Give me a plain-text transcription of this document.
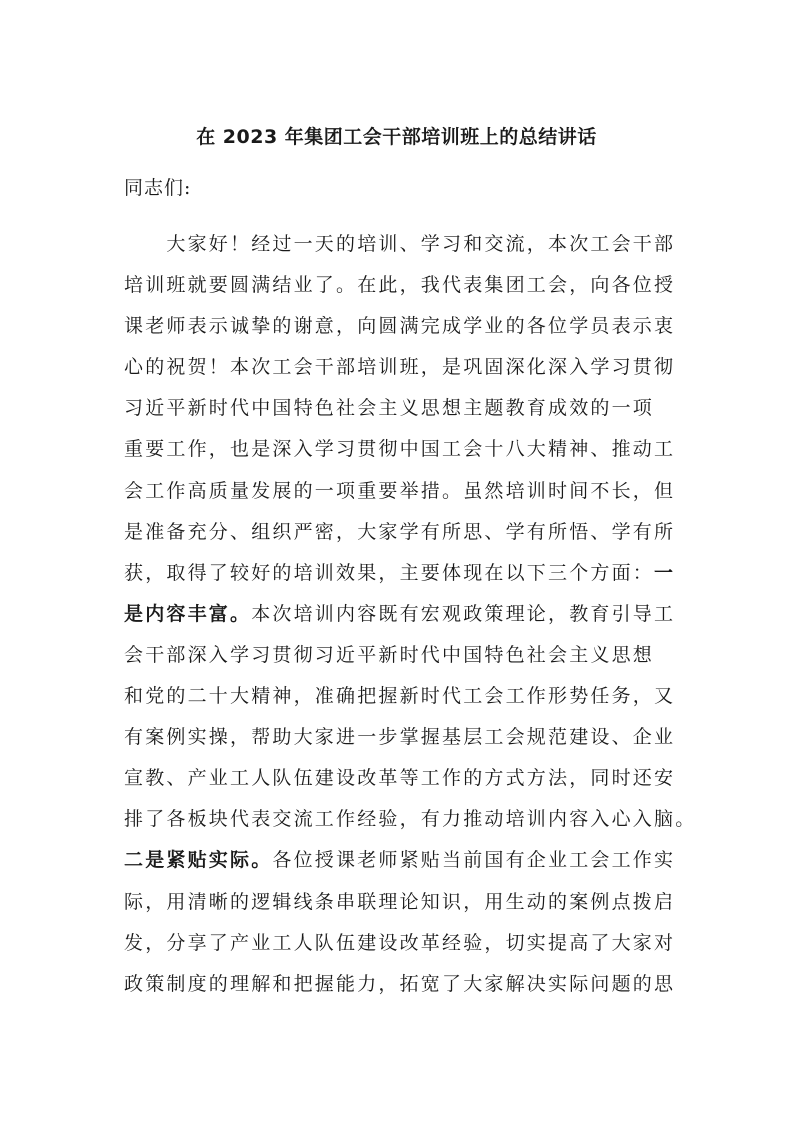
在 2023 年集团工会干部培训班上的总结讲话
同志们:
　　大家好！经过一天的培训、学习和交流，本次工会干部
培训班就要圆满结业了。在此，我代表集团工会，向各位授
课老师表示诚挚的谢意，向圆满完成学业的各位学员表示衷
心的祝贺！本次工会干部培训班，是巩固深化深入学习贯彻
习近平新时代中国特色社会主义思想主题教育成效的一项
重要工作，也是深入学习贯彻中国工会十八大精神、推动工
会工作高质量发展的一项重要举措。虽然培训时间不长，但
是准备充分、组织严密，大家学有所思、学有所悟、学有所
获，取得了较好的培训效果，主要体现在以下三个方面：一
是内容丰富。本次培训内容既有宏观政策理论，教育引导工
会干部深入学习贯彻习近平新时代中国特色社会主义思想
和党的二十大精神，准确把握新时代工会工作形势任务，又
有案例实操，帮助大家进一步掌握基层工会规范建设、企业
宣教、产业工人队伍建设改革等工作的方式方法，同时还安
排了各板块代表交流工作经验，有力推动培训内容入心入脑。
二是紧贴实际。各位授课老师紧贴当前国有企业工会工作实
际，用清晰的逻辑线条串联理论知识，用生动的案例点拨启
发，分享了产业工人队伍建设改革经验，切实提高了大家对
政策制度的理解和把握能力，拓宽了大家解决实际问题的思
